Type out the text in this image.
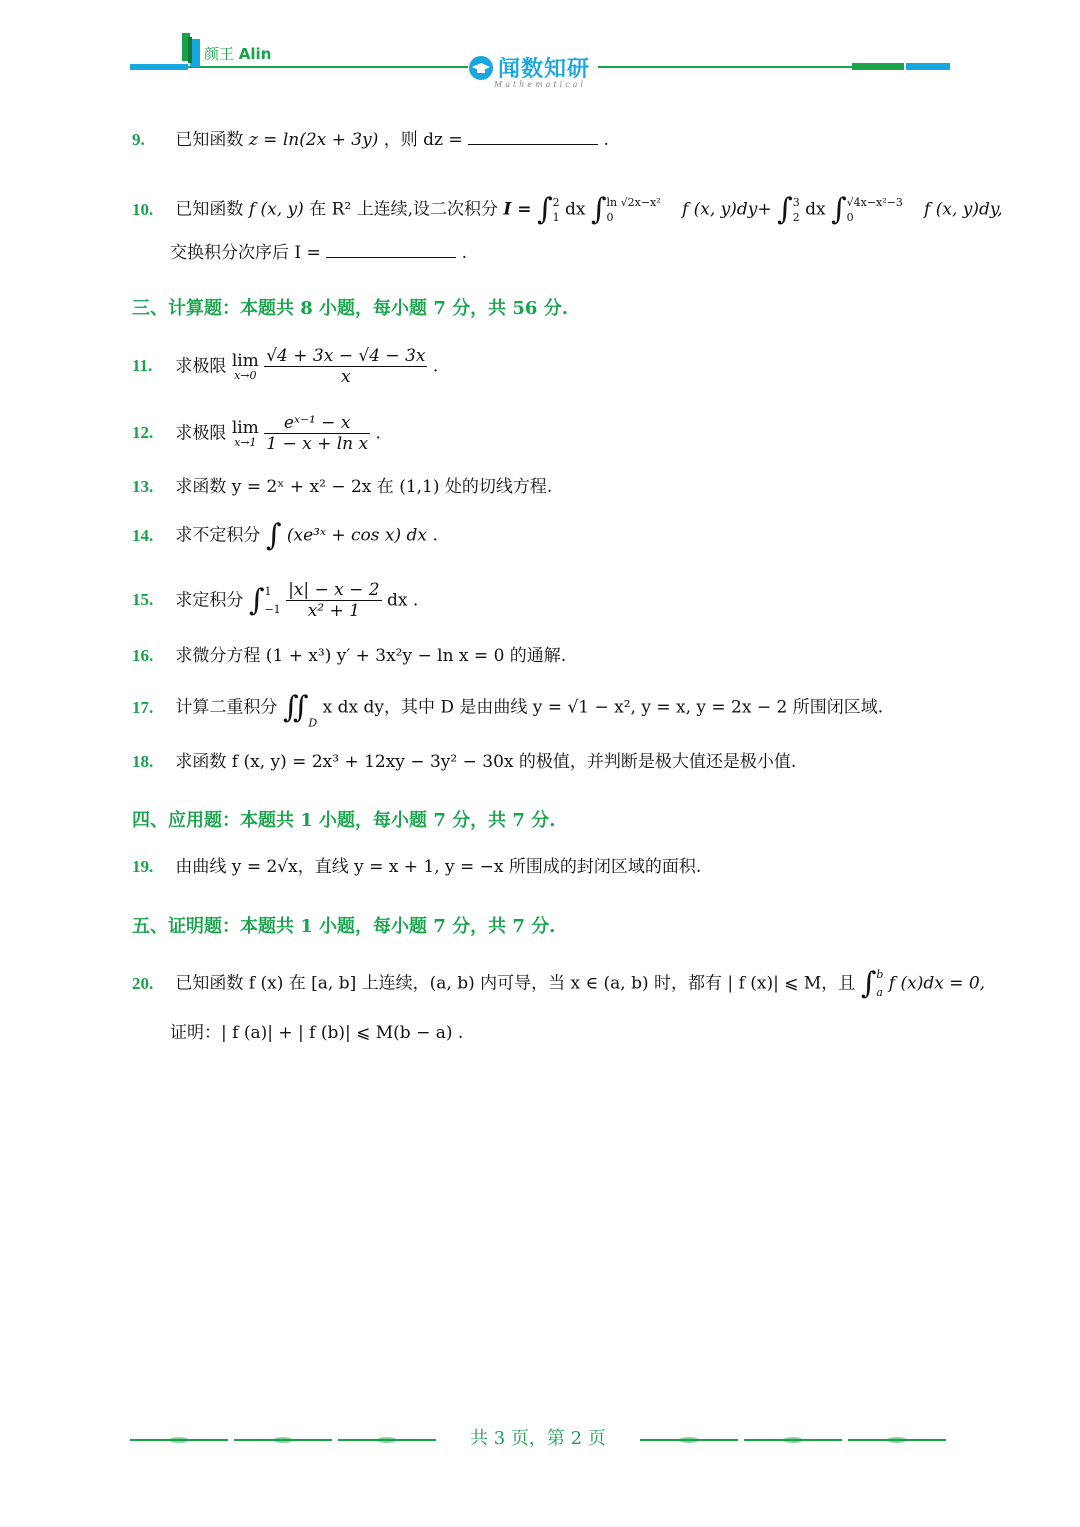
颜王 Alin
闻数知研
Mathematical
9. 已知函数 z = ln(2x + 3y) ，则 dz =	.
10. 已知函数 f (x, y) 在 R² 上连续,设二次积分 I = ∫ 2
1 dx ∫ ln √2x−x²
0	f (x, y)dy+ ∫ 3
2 dx ∫ √4x−x²−3
0	f (x, y)dy,
交换积分次序后 I =	.
三、计算题：本题共 8 小题，每小题 7 分，共 56 分.
11. 求极限 lim
x→0
$\frac{√4 + 3x - √4 - 3x}{x}$ .
12. 求极限 lim
x→1
$\frac{\text{eˣ⁻¹ − x}}{\text{1 − x + ln x}}$ .
13. 求函数 y = 2ˣ + x² − 2x 在 (1,1) 处的切线方程.
14. 求不定积分 ∫ (xe³ˣ + cos x) dx .
15. 求定积分 ∫ 1
−1
$\frac{|x| - x - 2}{\text{x² + 1}}$ dx .
16. 求微分方程 (1 + x³) y′ + 3x²y − ln x = 0 的通解.
17. 计算二重积分 $∬_D$ x dx dy，其中 D 是由曲线 y = √1 − x², y = x, y = 2x − 2 所围闭区域.
18. 求函数 f (x, y) = 2x³ + 12xy − 3y² − 30x 的极值，并判断是极大值还是极小值.
四、应用题：本题共 1 小题，每小题 7 分，共 7 分.
19. 由曲线 y = 2√x，直线 y = x + 1, y = −x 所围成的封闭区域的面积.
五、证明题：本题共 1 小题，每小题 7 分，共 7 分.
20. 已知函数 f (x) 在 [a, b] 上连续，(a, b) 内可导，当 x ∈ (a, b) 时，都有 | f (x)| ⩽ M，且 ∫ b
a f (x)dx = 0,
证明：| f (a)| + | f (b)| ⩽ M(b − a) .
共 3 页，第 2 页
